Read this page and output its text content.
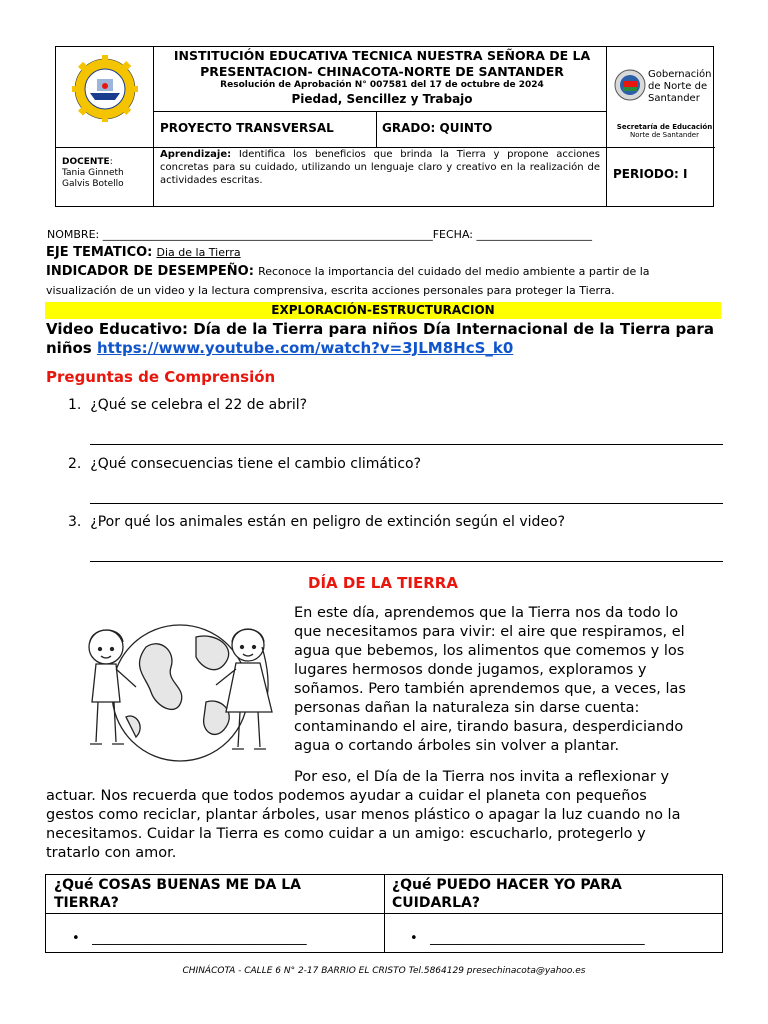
INSTITUCIÓN EDUCATIVA TECNICA NUESTRA SEÑORA DE LA
PRESENTACION- CHINACOTA-NORTE DE SANTANDER
Resolución de Aprobación N° 007581 del 17 de octubre de 2024
Piedad, Sencillez y Trabajo
PROYECTO TRANSVERSAL	GRADO: QUINTO
Gobernación
de Norte de
Santander
Secretaría de Educación
Norte de Santander
DOCENTE:
Tania Ginneth
Galvis Botello
Aprendizaje: Identifica los beneficios que brinda la Tierra y propone acciones concretas para su cuidado, utilizando un lenguaje claro y creativo en la realización de actividades escritas.	PERIODO: I
NOMBRE: ____________________________________________________________FECHA: _____________________
EJE TEMATICO: Dia de la Tierra
INDICADOR DE DESEMPEÑO: Reconoce la importancia del cuidado del medio ambiente a partir de la
visualización de un video y la lectura comprensiva, escrita acciones personales para proteger la Tierra.
EXPLORACIÓN-ESTRUCTURACION
Video Educativo: Día de la Tierra para niños Día Internacional de la Tierra para niños https://www.youtube.com/watch?v=3JLM8HcS_k0
Preguntas de Comprensión
1. ¿Qué se celebra el 22 de abril?
2. ¿Qué consecuencias tiene el cambio climático?
3. ¿Por qué los animales están en peligro de extinción según el video?
DÍA DE LA TIERRA
En este día, aprendemos que la Tierra nos da todo lo
que necesitamos para vivir: el aire que respiramos, el
agua que bebemos, los alimentos que comemos y los
lugares hermosos donde jugamos, exploramos y
soñamos. Pero también aprendemos que, a veces, las
personas dañan la naturaleza sin darse cuenta:
contaminando el aire, tirando basura, desperdiciando
agua o cortando árboles sin volver a plantar.
Por eso, el Día de la Tierra nos invita a reflexionar y
actuar. Nos recuerda que todos podemos ayudar a cuidar el planeta con pequeños
gestos como reciclar, plantar árboles, usar menos plástico o apagar la luz cuando no la
necesitamos. Cuidar la Tierra es como cuidar a un amigo: escucharlo, protegerlo y
tratarlo con amor.
¿Qué COSAS BUENAS ME DA LA
TIERRA?
¿Qué PUEDO HACER YO PARA
CUIDARLA?
• _________________________________	• _________________________________
CHINÁCOTA - CALLE 6 N° 2-17 BARRIO EL CRISTO Tel.5864129 presechinacota@yahoo.es
